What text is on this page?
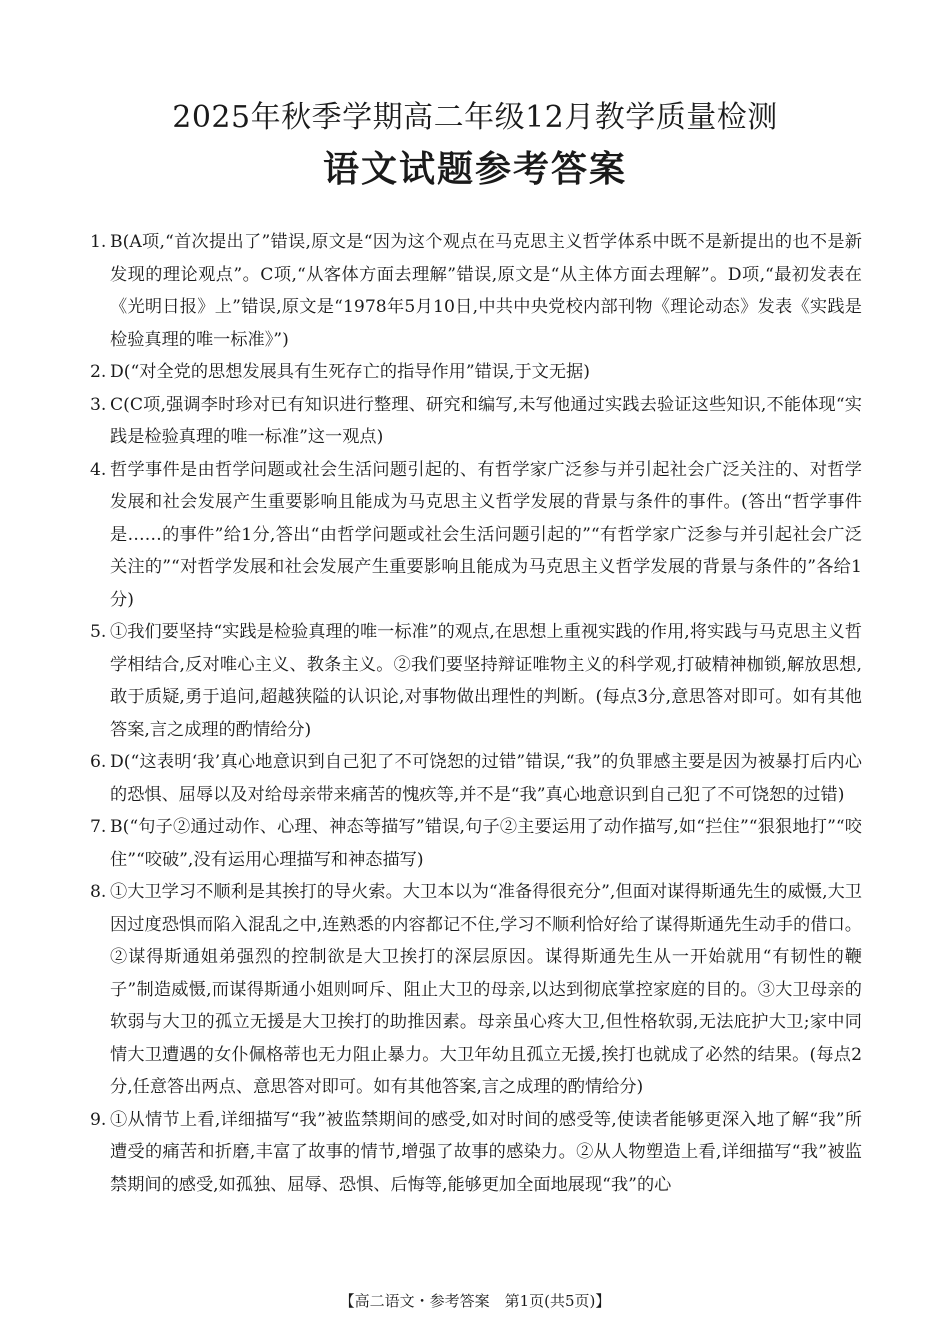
2025年秋季学期高二年级12月教学质量检测
语文试题参考答案
1. B(A项,“首次提出了”错误,原文是“因为这个观点在马克思主义哲学体系中既不是新提出的也不是新发现的理论观点”。C项,“从客体方面去理解”错误,原文是“从主体方面去理解”。D项,“最初发表在《光明日报》上”错误,原文是“1978年5月10日,中共中央党校内部刊物《理论动态》发表《实践是检验真理的唯一标准》”)
2. D(“对全党的思想发展具有生死存亡的指导作用”错误,于文无据)
3. C(C项,强调李时珍对已有知识进行整理、研究和编写,未写他通过实践去验证这些知识,不能体现“实践是检验真理的唯一标准”这一观点)
4. 哲学事件是由哲学问题或社会生活问题引起的、有哲学家广泛参与并引起社会广泛关注的、对哲学发展和社会发展产生重要影响且能成为马克思主义哲学发展的背景与条件的事件。(答出“哲学事件是……的事件”给1分,答出“由哲学问题或社会生活问题引起的”“有哲学家广泛参与并引起社会广泛关注的”“对哲学发展和社会发展产生重要影响且能成为马克思主义哲学发展的背景与条件的”各给1分)
5. ①我们要坚持“实践是检验真理的唯一标准”的观点,在思想上重视实践的作用,将实践与马克思主义哲学相结合,反对唯心主义、教条主义。②我们要坚持辩证唯物主义的科学观,打破精神枷锁,解放思想,敢于质疑,勇于追问,超越狭隘的认识论,对事物做出理性的判断。(每点3分,意思答对即可。如有其他答案,言之成理的酌情给分)
6. D(“这表明‘我’真心地意识到自己犯了不可饶恕的过错”错误,“我”的负罪感主要是因为被暴打后内心的恐惧、屈辱以及对给母亲带来痛苦的愧疚等,并不是“我”真心地意识到自己犯了不可饶恕的过错)
7. B(“句子②通过动作、心理、神态等描写”错误,句子②主要运用了动作描写,如“拦住”“狠狠地打”“咬住”“咬破”,没有运用心理描写和神态描写)
8. ①大卫学习不顺利是其挨打的导火索。大卫本以为“准备得很充分”,但面对谋得斯通先生的威慑,大卫因过度恐惧而陷入混乱之中,连熟悉的内容都记不住,学习不顺利恰好给了谋得斯通先生动手的借口。②谋得斯通姐弟强烈的控制欲是大卫挨打的深层原因。谋得斯通先生从一开始就用“有韧性的鞭子”制造威慑,而谋得斯通小姐则呵斥、阻止大卫的母亲,以达到彻底掌控家庭的目的。③大卫母亲的软弱与大卫的孤立无援是大卫挨打的助推因素。母亲虽心疼大卫,但性格软弱,无法庇护大卫;家中同情大卫遭遇的女仆佩格蒂也无力阻止暴力。大卫年幼且孤立无援,挨打也就成了必然的结果。(每点2分,任意答出两点、意思答对即可。如有其他答案,言之成理的酌情给分)
9. ①从情节上看,详细描写“我”被监禁期间的感受,如对时间的感受等,使读者能够更深入地了解“我”所遭受的痛苦和折磨,丰富了故事的情节,增强了故事的感染力。②从人物塑造上看,详细描写“我”被监禁期间的感受,如孤独、屈辱、恐惧、后悔等,能够更加全面地展现“我”的心
【高二语文・参考答案　第1页(共5页)】
